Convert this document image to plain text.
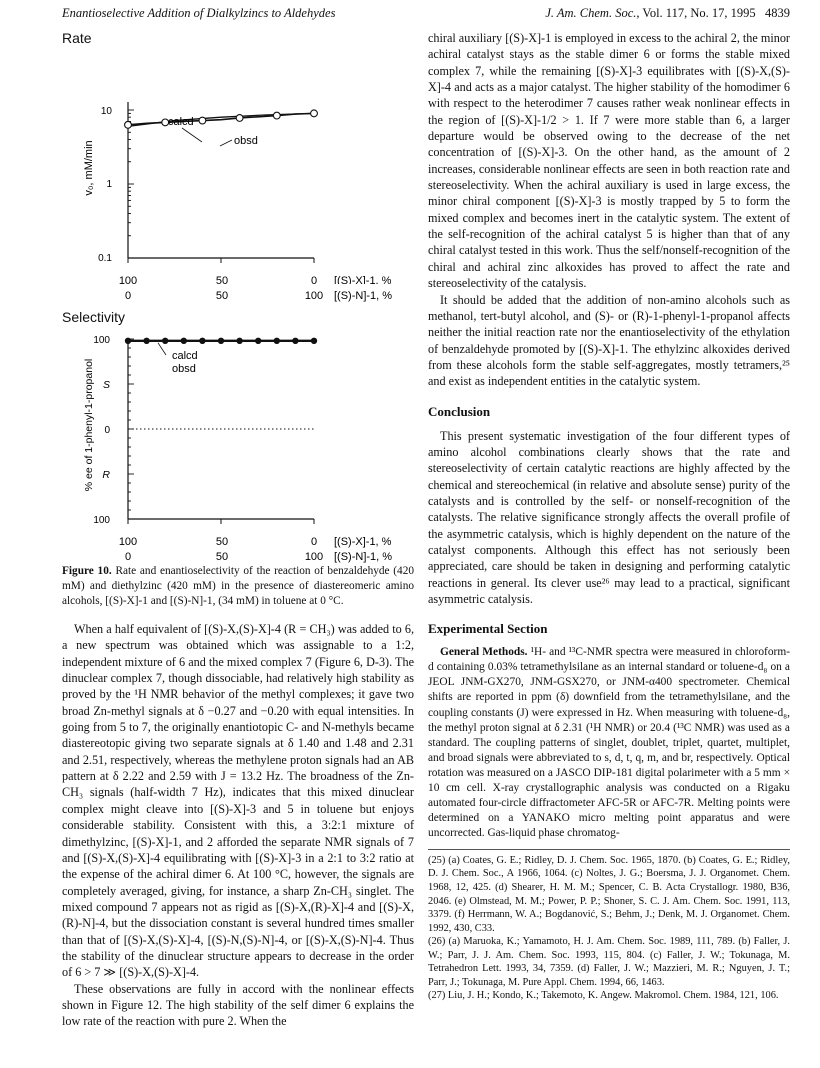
Enantioselective Addition of Dialkylzincs to Aldehydes	J. Am. Chem. Soc., Vol. 117, No. 17, 1995 4839
Rate
v₀, mM/min
10
1
0.1
100	50	0 [(S)-X]-1, %
calcd
obsd
0	50	100 [(S)-N]-1, %
Selectivity
% ee of 1-phenyl-1-propanol
100
S
0
R
100
calcd
obsd
100	50	0 [(S)-X]-1, %
0	50	100 [(S)-N]-1, %
Figure 10. Rate and enantioselectivity of the reaction of benzaldehyde (420 mM) and diethylzinc (420 mM) in the presence of diastereomeric amino alcohols, [(S)-X]-1 and [(S)-N]-1, (34 mM) in toluene at 0 °C.

When a half equivalent of [(S)-X,(S)-X]-4 (R = CH₃) was added to 6, a new spectrum was obtained which was assignable to a 1:2, independent mixture of 6 and the mixed complex 7 (Figure 6, D-3). The dinuclear complex 7, though dissociable, had relatively high stability as proved by the ¹H NMR behavior of the methyl complexes; it gave two broad Zn-methyl signals at δ −0.27 and −0.20 with equal intensities. In going from 5 to 7, the originally enantiotopic C- and N-methyls became diastereotopic giving two separate signals at δ 1.40 and 1.48 and 2.31 and 2.51, respectively, whereas the methylene proton signals had an AB pattern at δ 2.22 and 2.59 with J = 13.2 Hz. The broadness of the Zn-CH₃ signals (half-width 7 Hz), indicates that this mixed dinuclear complex might cleave into [(S)-X]-3 and 5 in toluene but enjoys considerable stability. Consistent with this, a 3:2:1 mixture of dimethylzinc, [(S)-X]-1, and 2 afforded the separate NMR signals of 7 and [(S)-X,(S)-X]-4 equilibrating with [(S)-X]-3 in a 2:1 to 3:2 ratio at the expense of the achiral dimer 6. At 100 °C, however, the signals are completely averaged, giving, for instance, a sharp Zn-CH₃ singlet. The mixed compound 7 appears not as rigid as [(S)-X,(R)-X]-4 and [(S)-X,(R)-N]-4, but the dissociation constant is several hundred times smaller than that of [(S)-X,(S)-X]-4, [(S)-N,(S)-N]-4, or [(S)-X,(S)-N]-4. Thus the stability of the dinuclear structure appears to decrease in the order of 6 > 7 ≫ [(S)-X,(S)-X]-4.

These observations are fully in accord with the nonlinear effects shown in Figure 12. The high stability of the self dimer 6 explains the low rate of the reaction with pure 2. When the

chiral auxiliary [(S)-X]-1 is employed in excess to the achiral 2, the minor achiral catalyst stays as the stable dimer 6 or forms the stable mixed complex 7, while the remaining [(S)-X]-3 equilibrates with [(S)-X,(S)-X]-4 and acts as a major catalyst. The higher stability of the homodimer 6 with respect to the heterodimer 7 causes rather weak nonlinear effects in the region of [(S)-X]-1/2 > 1. If 7 were more stable than 6, a larger departure would be observed owing to the decrease of the net concentration of [(S)-X]-3. On the other hand, as the amount of 2 increases, considerable nonlinear effects are seen in both reaction rate and stereoselectivity. When the achiral auxiliary is used in large excess, the minor chiral component [(S)-X]-3 is mostly trapped by 5 to form the mixed complex and becomes inert in the catalytic system. The extent of the self-recognition of the achiral catalyst 5 is higher than that of any chiral catalyst tested in this work. Thus the self/nonself-recognition of the chiral and achiral zinc alkoxides has proved to affect the rate and stereoselectivity of the catalysis.

It should be added that the addition of non-amino alcohols such as methanol, tert-butyl alcohol, and (S)- or (R)-1-phenyl-1-propanol affects neither the initial reaction rate nor the enantioselectivity of the ethylation of benzaldehyde promoted by [(S)-X]-1. The ethylzinc alkoxides derived from these alcohols form the stable self-aggregates, mostly tetramers,²⁵ and exist as independent entities in the catalytic system.

Conclusion

This present systematic investigation of the four different types of amino alcohol combinations clearly shows that the rate and stereoselectivity of certain catalytic reactions are highly affected by the chemical and stereochemical (in relative and absolute sense) purity of the catalysts and is controlled by the self- or nonself-recognition of the catalysts. The relative significance strongly affects the overall profile of the asymmetric catalysis, which is highly dependent on the nature of the catalyst components. Although this effect has not seriously been appreciated, care should be taken in designing and performing catalytic reactions in general. Its clever use²⁶ may lead to a practical, significant asymmetric catalysis.

Experimental Section

General Methods. ¹H- and ¹³C-NMR spectra were measured in chloroform-d containing 0.03% tetramethylsilane as an internal standard or toluene-d₈ on a JEOL JNM-GX270, JNM-GSX270, or JNM-α400 spectrometer. Chemical shifts are reported in ppm (δ) downfield from the tetramethylsilane, and the coupling constants (J) were expressed in Hz. When measuring with toluene-d₈, the methyl proton signal at δ 2.31 (¹H NMR) or 20.4 (¹³C NMR) was used as a standard. The coupling patterns of singlet, doublet, triplet, quartet, multiplet, and broad signals were abbreviated to s, d, t, q, m, and br, respectively. Optical rotation was measured on a JASCO DIP-181 digital polarimeter with a 5 mm × 10 cm cell. X-ray crystallographic analysis was conducted on a Rigaku automated four-circle diffractometer AFC-5R or AFC-7R. Melting points were determined on a YANAKO micro melting point apparatus and were uncorrected. Gas-liquid phase chromatog-

(25) (a) Coates, G. E.; Ridley, D. J. Chem. Soc. 1965, 1870. (b) Coates, G. E.; Ridley, D. J. Chem. Soc., A 1966, 1064. (c) Noltes, J. G.; Boersma, J. J. Organomet. Chem. 1968, 12, 425. (d) Shearer, H. M. M.; Spencer, C. B. Acta Crystallogr. 1980, B36, 2046. (e) Olmstead, M. M.; Power, P. P.; Shoner, S. C. J. Am. Chem. Soc. 1991, 113, 3379. (f) Herrmann, W. A.; Bogdanović, S.; Behm, J.; Denk, M. J. Organomet. Chem. 1992, 430, C33.

(26) (a) Maruoka, K.; Yamamoto, H. J. Am. Chem. Soc. 1989, 111, 789. (b) Faller, J. W.; Parr, J. J. Am. Chem. Soc. 1993, 115, 804. (c) Faller, J. W.; Tokunaga, M. Tetrahedron Lett. 1993, 34, 7359. (d) Faller, J. W.; Mazzieri, M. R.; Nguyen, J. T.; Parr, J.; Tokunaga, M. Pure Appl. Chem. 1994, 66, 1463.

(27) Liu, J. H.; Kondo, K.; Takemoto, K. Angew. Makromol. Chem. 1984, 121, 106.
